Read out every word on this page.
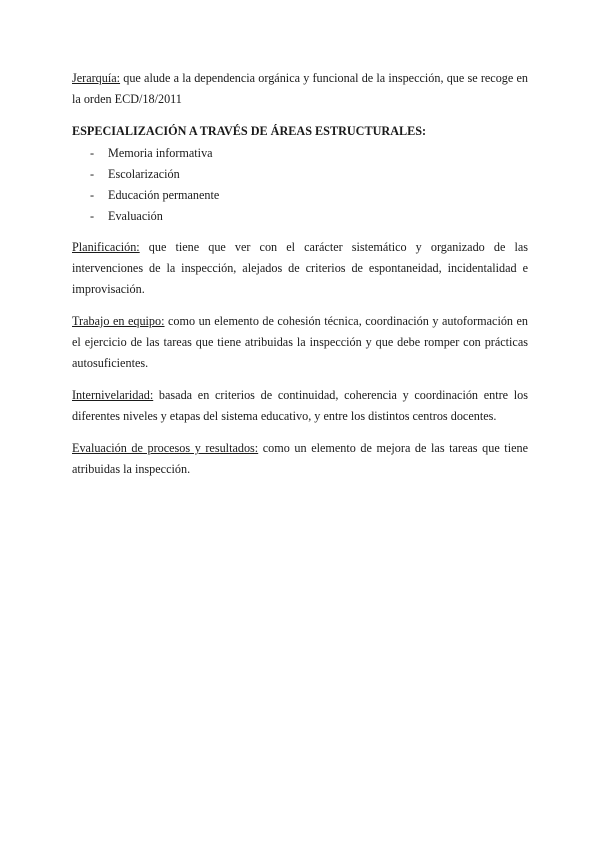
Jerarquía: que alude a la dependencia orgánica y funcional de la inspección, que se recoge en la orden ECD/18/2011

ESPECIALIZACIÓN A TRAVÉS DE ÁREAS ESTRUCTURALES:
- Memoria informativa
- Escolarización
- Educación permanente
- Evaluación

Planificación: que tiene que ver con el carácter sistemático y organizado de las intervenciones de la inspección, alejados de criterios de espontaneidad, incidentalidad e improvisación.

Trabajo en equipo: como un elemento de cohesión técnica, coordinación y autoformación en el ejercicio de las tareas que tiene atribuidas la inspección y que debe romper con prácticas autosuficientes.

Internivelaridad: basada en criterios de continuidad, coherencia y coordinación entre los diferentes niveles y etapas del sistema educativo, y entre los distintos centros docentes.

Evaluación de procesos y resultados: como un elemento de mejora de las tareas que tiene atribuidas la inspección.
